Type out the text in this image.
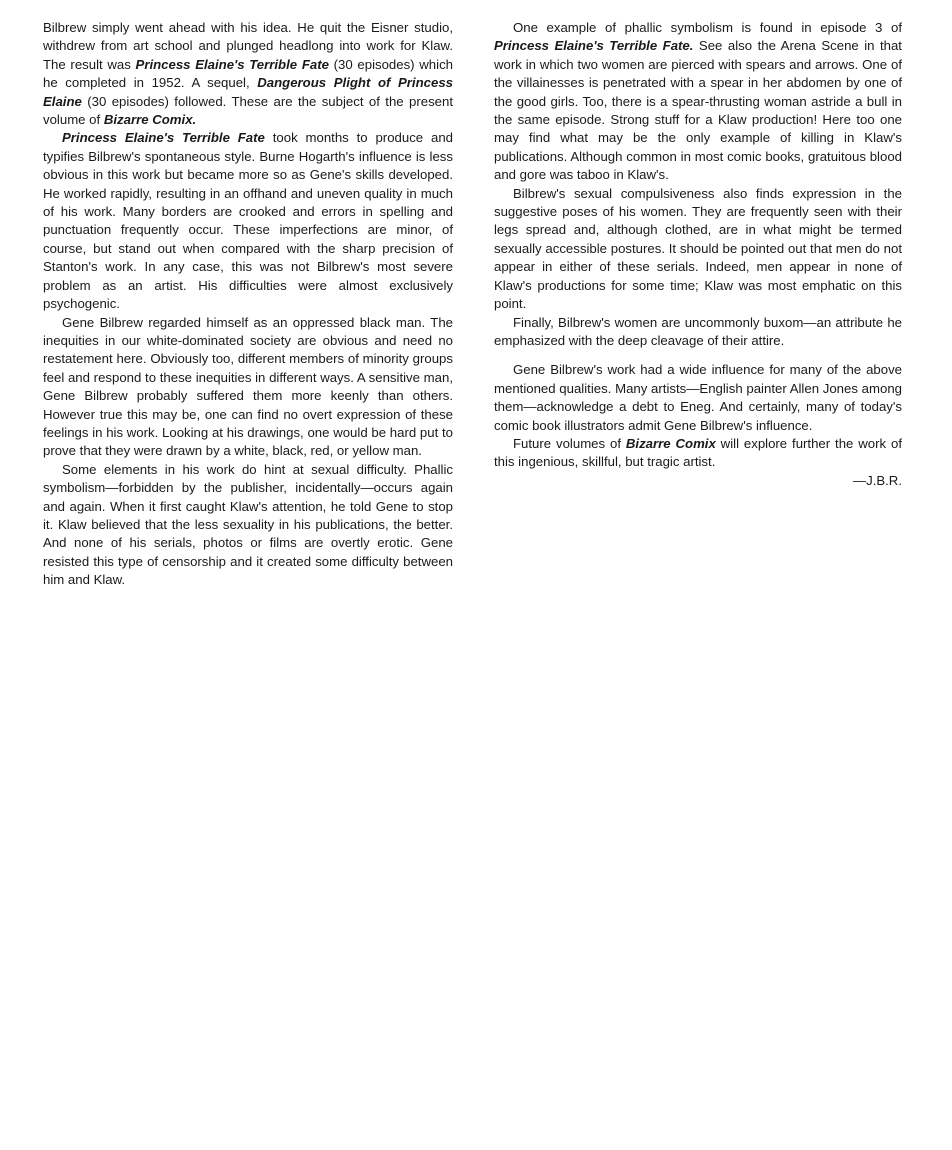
Bilbrew simply went ahead with his idea. He quit the Eisner studio, withdrew from art school and plunged headlong into work for Klaw. The result was Princess Elaine's Terrible Fate (30 episodes) which he completed in 1952. A sequel, Dangerous Plight of Princess Elaine (30 episodes) followed. These are the subject of the present volume of Bizarre Comix.

Princess Elaine's Terrible Fate took months to produce and typifies Bilbrew's spontaneous style. Burne Hogarth's influence is less obvious in this work but became more so as Gene's skills developed. He worked rapidly, resulting in an offhand and uneven quality in much of his work. Many borders are crooked and errors in spelling and punctuation frequently occur. These imperfections are minor, of course, but stand out when compared with the sharp precision of Stanton's work. In any case, this was not Bilbrew's most severe problem as an artist. His difficulties were almost exclusively psychogenic.

Gene Bilbrew regarded himself as an oppressed black man. The inequities in our white-dominated society are obvious and need no restatement here. Obviously too, different members of minority groups feel and respond to these inequities in different ways. A sensitive man, Gene Bilbrew probably suffered them more keenly than others. However true this may be, one can find no overt expression of these feelings in his work. Looking at his drawings, one would be hard put to prove that they were drawn by a white, black, red, or yellow man.

Some elements in his work do hint at sexual difficulty. Phallic symbolism—forbidden by the publisher, incidentally—occurs again and again. When it first caught Klaw's attention, he told Gene to stop it. Klaw believed that the less sexuality in his publications, the better. And none of his serials, photos or films are overtly erotic. Gene resisted this type of censorship and it created some difficulty between him and Klaw.

One example of phallic symbolism is found in episode 3 of Princess Elaine's Terrible Fate. See also the Arena Scene in that work in which two women are pierced with spears and arrows. One of the villainesses is penetrated with a spear in her abdomen by one of the good girls. Too, there is a spear-thrusting woman astride a bull in the same episode. Strong stuff for a Klaw production! Here too one may find what may be the only example of killing in Klaw's publications. Although common in most comic books, gratuitous blood and gore was taboo in Klaw's.

Bilbrew's sexual compulsiveness also finds expression in the suggestive poses of his women. They are frequently seen with their legs spread and, although clothed, are in what might be termed sexually accessible postures. It should be pointed out that men do not appear in either of these serials. Indeed, men appear in none of Klaw's productions for some time; Klaw was most emphatic on this point.

Finally, Bilbrew's women are uncommonly buxom—an attribute he emphasized with the deep cleavage of their attire.

Gene Bilbrew's work had a wide influence for many of the above mentioned qualities. Many artists—English painter Allen Jones among them—acknowledge a debt to Eneg. And certainly, many of today's comic book illustrators admit Gene Bilbrew's influence.

Future volumes of Bizarre Comix will explore further the work of this ingenious, skillful, but tragic artist.

—J.B.R.
